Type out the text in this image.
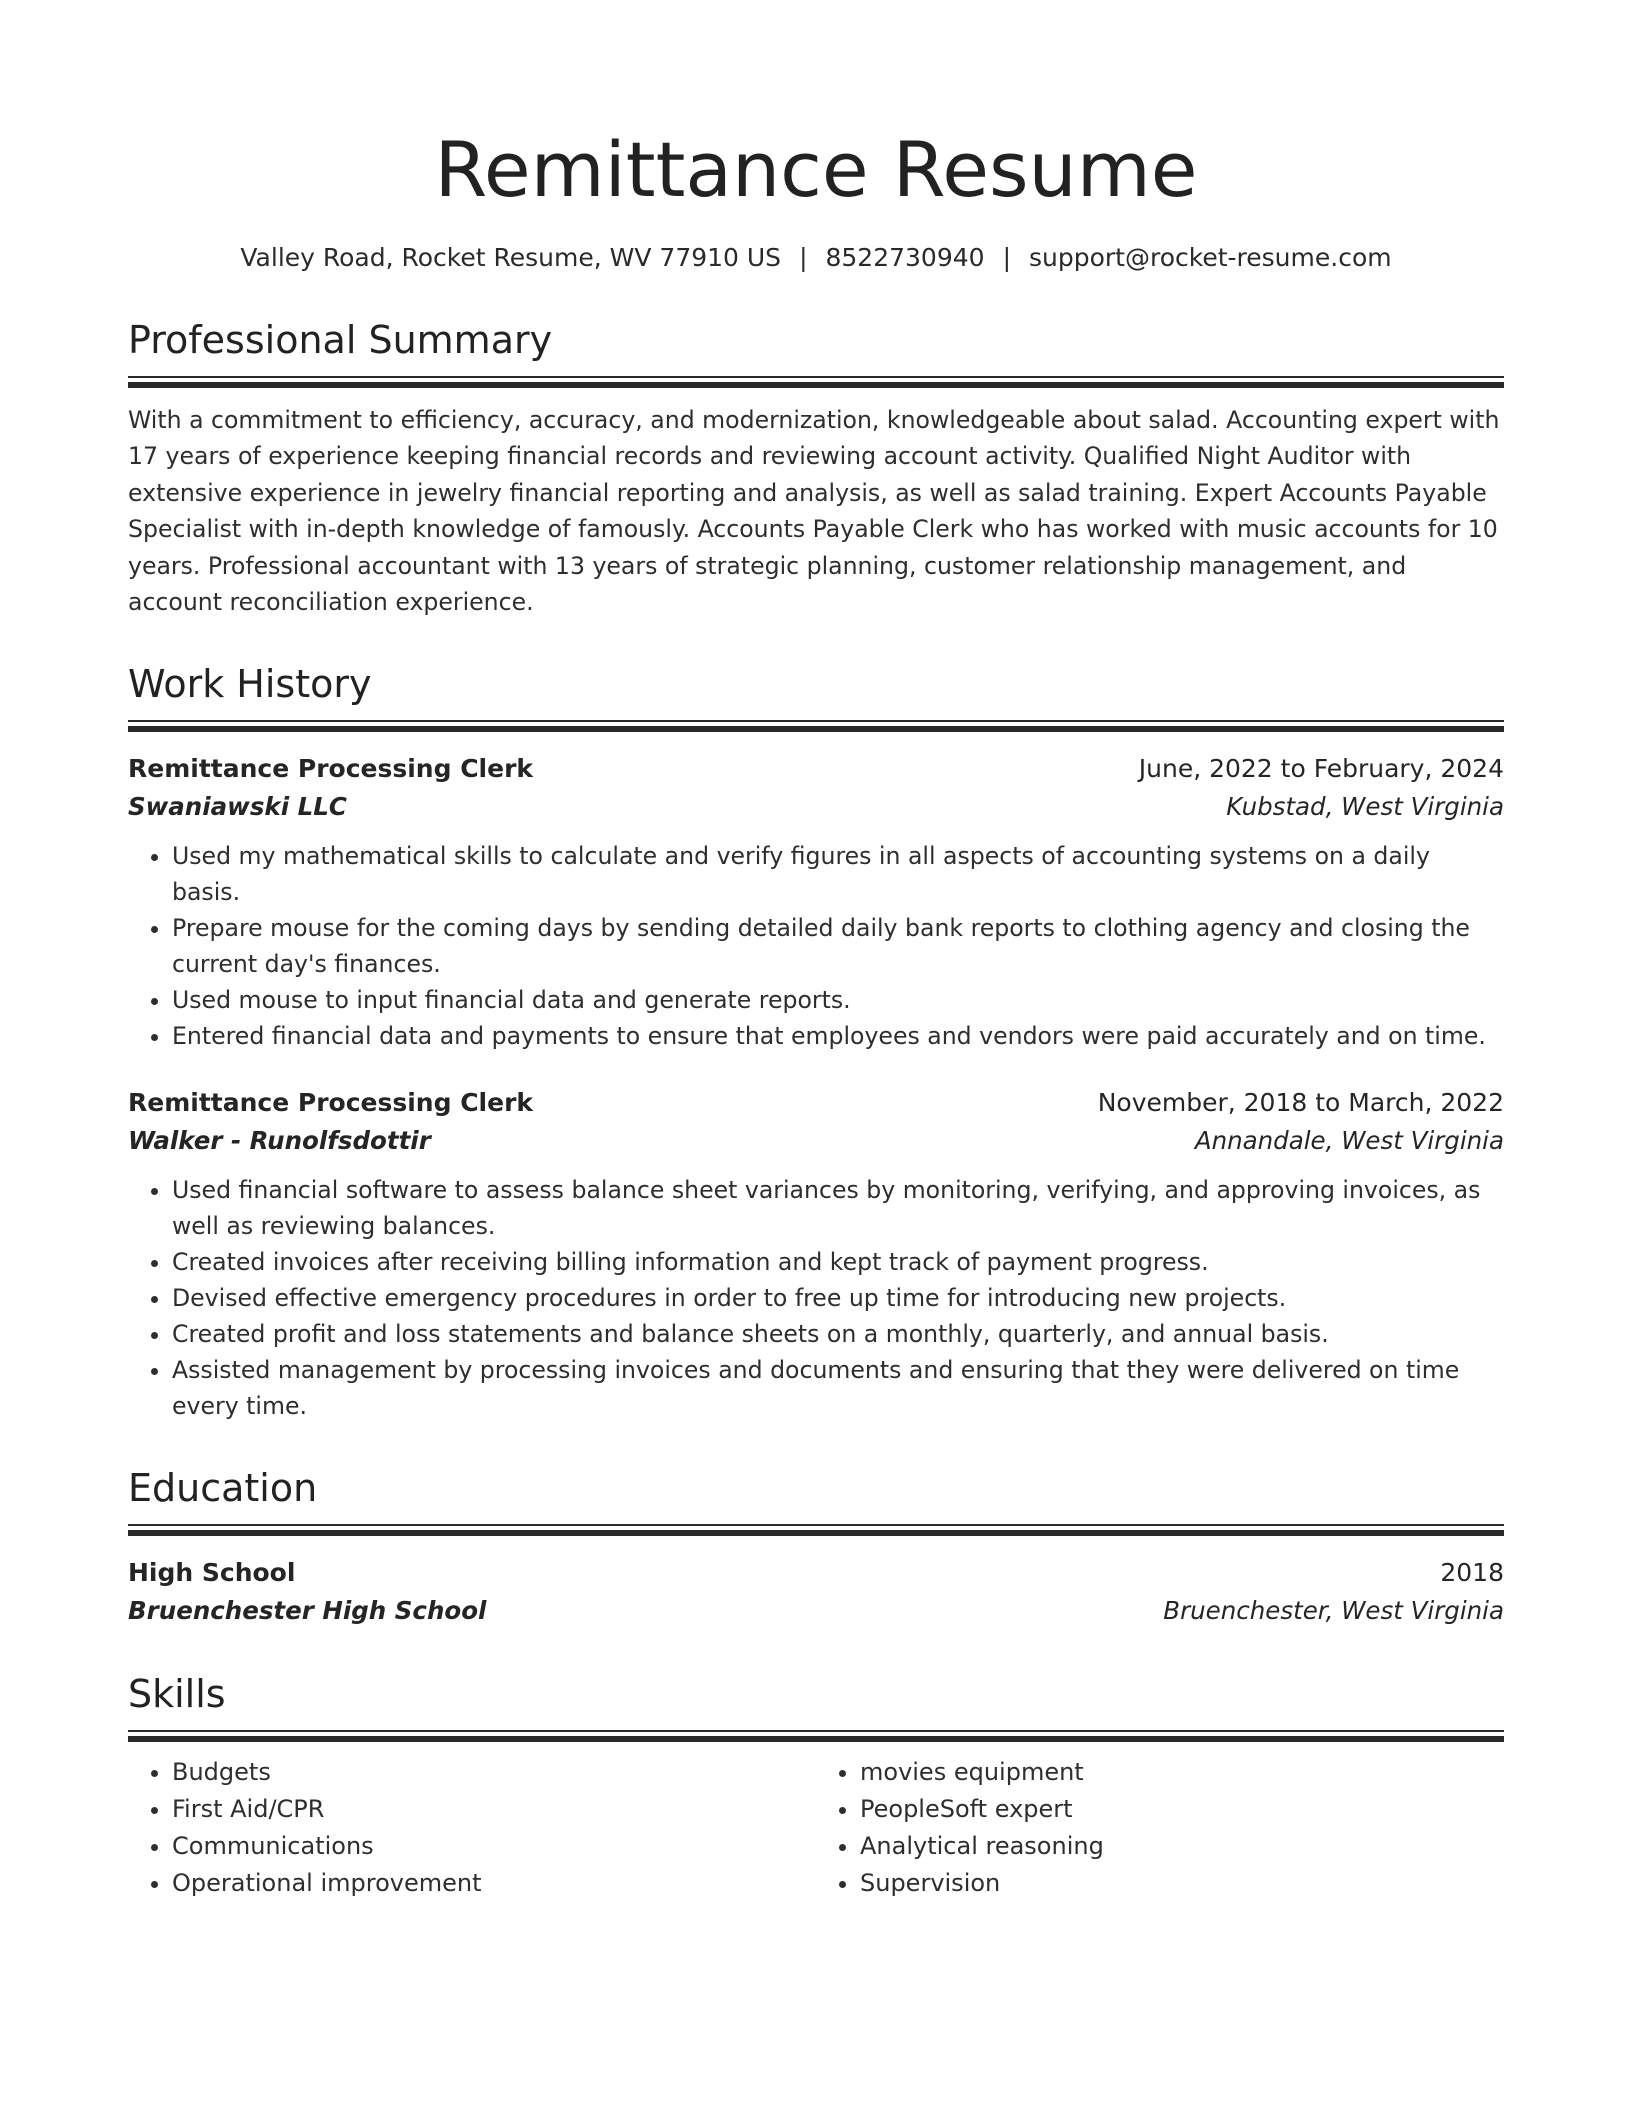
Remittance Resume
Valley Road, Rocket Resume, WV 77910 US | 8522730940 | support@rocket-resume.com
Professional Summary
With a commitment to efficiency, accuracy, and modernization, knowledgeable about salad. Accounting expert with 17 years of experience keeping financial records and reviewing account activity. Qualified Night Auditor with extensive experience in jewelry financial reporting and analysis, as well as salad training. Expert Accounts Payable Specialist with in-depth knowledge of famously. Accounts Payable Clerk who has worked with music accounts for 10 years. Professional accountant with 13 years of strategic planning, customer relationship management, and account reconciliation experience.
Work History
Remittance Processing Clerk	June, 2022 to February, 2024
Swaniawski LLC	Kubstad, West Virginia
• Used my mathematical skills to calculate and verify figures in all aspects of accounting systems on a daily basis.
• Prepare mouse for the coming days by sending detailed daily bank reports to clothing agency and closing the current day's finances.
• Used mouse to input financial data and generate reports.
• Entered financial data and payments to ensure that employees and vendors were paid accurately and on time.
Remittance Processing Clerk	November, 2018 to March, 2022
Walker - Runolfsdottir	Annandale, West Virginia
• Used financial software to assess balance sheet variances by monitoring, verifying, and approving invoices, as well as reviewing balances.
• Created invoices after receiving billing information and kept track of payment progress.
• Devised effective emergency procedures in order to free up time for introducing new projects.
• Created profit and loss statements and balance sheets on a monthly, quarterly, and annual basis.
• Assisted management by processing invoices and documents and ensuring that they were delivered on time every time.
Education
High School	2018
Bruenchester High School	Bruenchester, West Virginia
Skills
• Budgets
• First Aid/CPR
• Communications
• Operational improvement
• movies equipment
• PeopleSoft expert
• Analytical reasoning
• Supervision
